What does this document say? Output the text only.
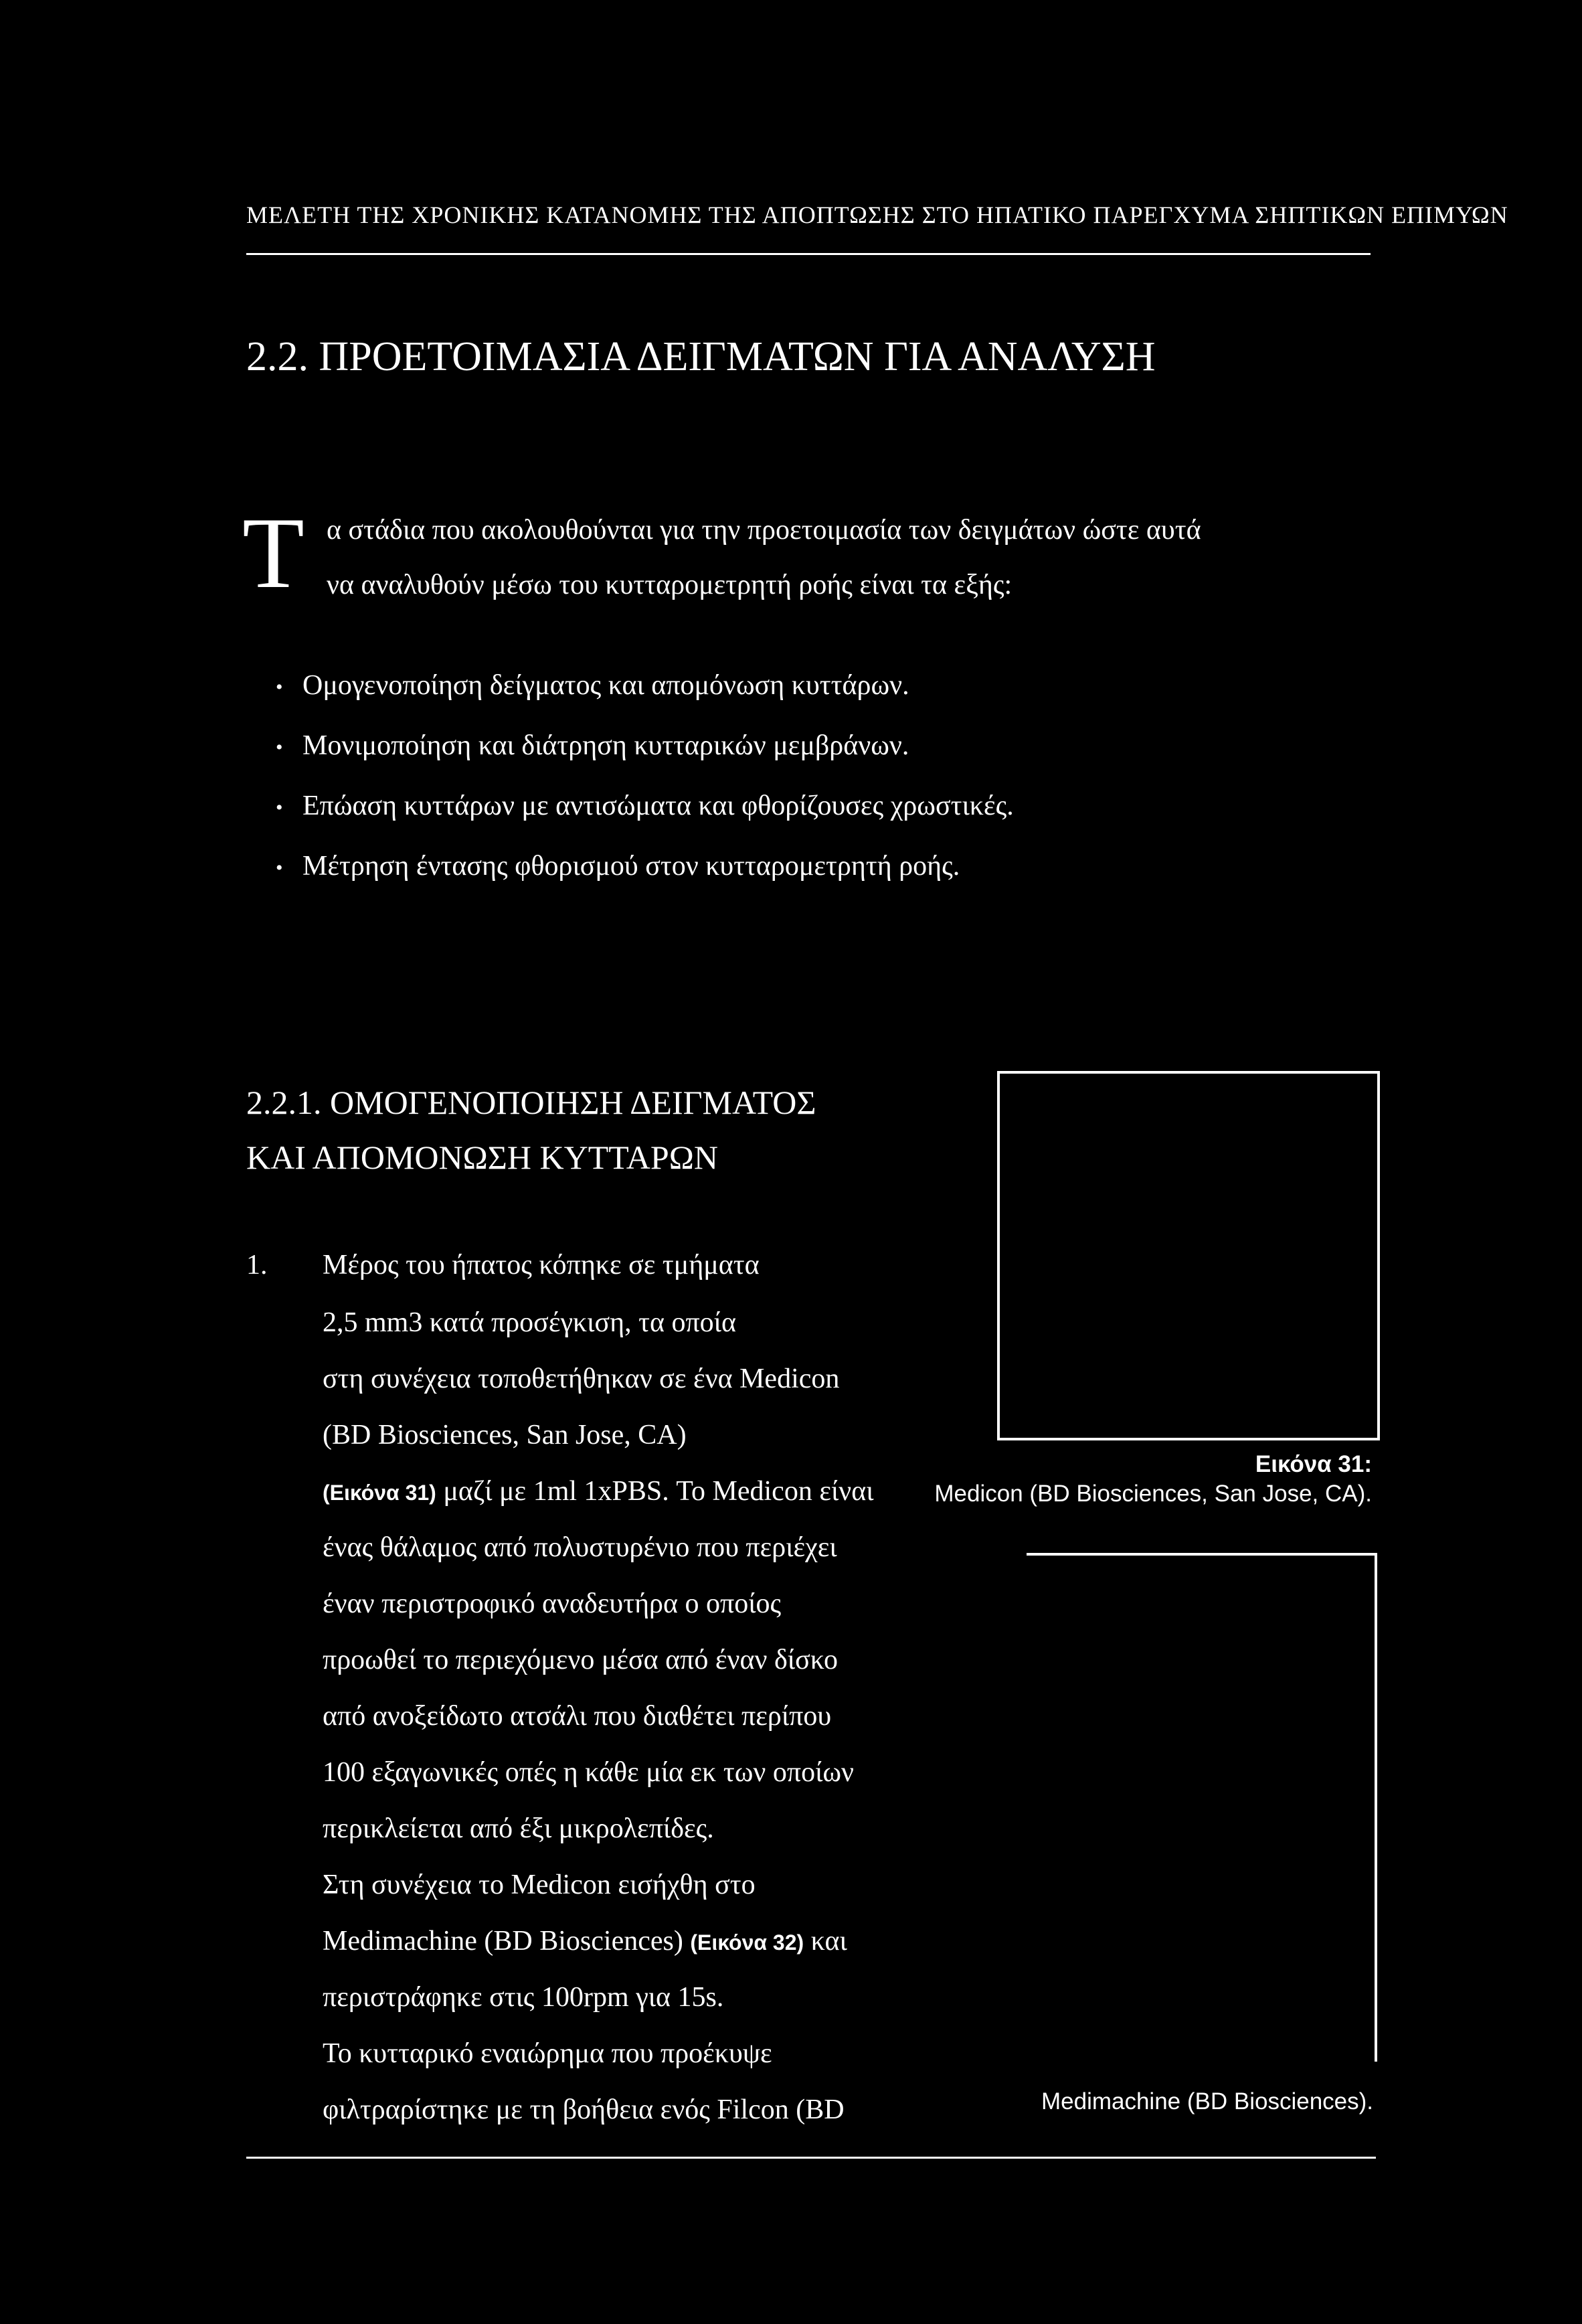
ΜΕΛΕΤΗ ΤΗΣ ΧΡΟΝΙΚΗΣ ΚΑΤΑΝΟΜΗΣ ΤΗΣ ΑΠΟΠΤΩΣΗΣ ΣΤΟ ΗΠΑΤΙΚΟ ΠΑΡΕΓΧΥΜΑ ΣΗΠΤΙΚΩΝ ΕΠΙΜΥΩΝ
2.2. ΠΡΟΕΤΟΙΜΑΣΙΑ ΔΕΙΓΜΑΤΩΝ ΓΙΑ ΑΝΑΛΥΣΗ
Τ α στάδια που ακολουθούνται για την προετοιμασία των δειγμάτων ώστε αυτά
να αναλυθούν μέσω του κυτταρομετρητή ροής είναι τα εξής:
• Ομογενοποίηση δείγματος και απομόνωση κυττάρων.
• Μονιμοποίηση και διάτρηση κυτταρικών μεμβράνων.
• Επώαση κυττάρων με αντισώματα και φθορίζουσες χρωστικές.
• Μέτρηση έντασης φθορισμού στον κυτταρομετρητή ροής.
2.2.1. ΟΜΟΓΕΝΟΠΟΙΗΣΗ ΔΕΙΓΜΑΤΟΣ
ΚΑΙ ΑΠΟΜΟΝΩΣΗ ΚΥΤΤΑΡΩΝ
1. Μέρος του ήπατος κόπηκε σε τμήματα
2,5 mm3 κατά προσέγκιση, τα οποία
στη συνέχεια τοποθετήθηκαν σε ένα Medicon
(BD Biosciences, San Jose, CA)
(Εικόνα 31) μαζί με 1ml 1xPBS. Το Medicon είναι
ένας θάλαμος από πολυστυρένιο που περιέχει
έναν περιστροφικό αναδευτήρα ο οποίος
προωθεί το περιεχόμενο μέσα από έναν δίσκο
από ανοξείδωτο ατσάλι που διαθέτει περίπου
100 εξαγωνικές οπές η κάθε μία εκ των οποίων
περικλείεται από έξι μικρολεπίδες.
Στη συνέχεια το Medicon εισήχθη στο
Medimachine (BD Biosciences) (Εικόνα 32) και
περιστράφηκε στις 100rpm για 15s.
Το κυτταρικό εναιώρημα που προέκυψε
φιλτραρίστηκε με τη βοήθεια ενός Filcon (BD
Εικόνα 31:
Medicon (BD Biosciences, San Jose, CA).
Medimachine (BD Biosciences).
